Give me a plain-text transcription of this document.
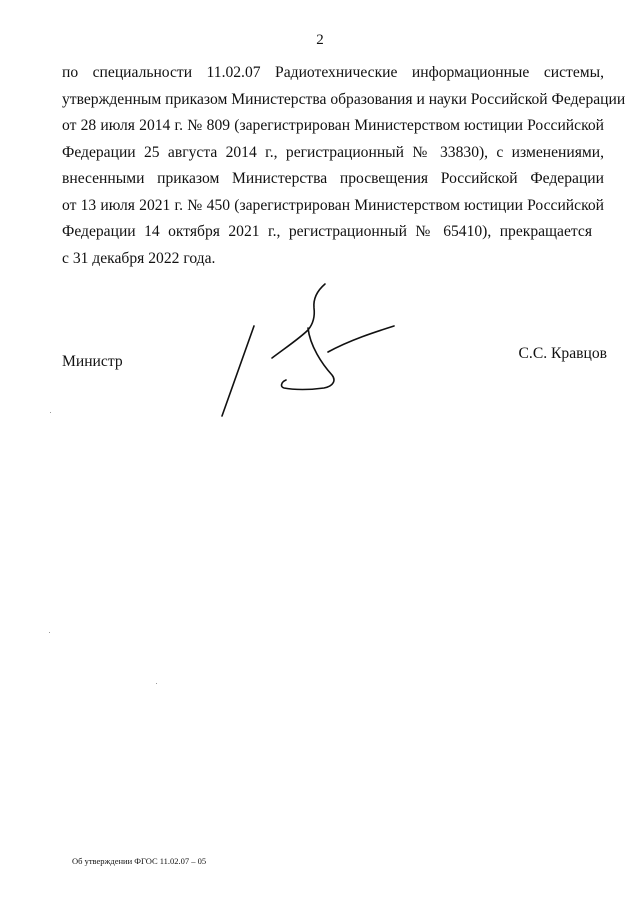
2
по специальности 11.02.07 Радиотехнические информационные системы,
утвержденным приказом Министерства образования и науки Российской Федерации
от 28 июля 2014 г. № 809 (зарегистрирован Министерством юстиции Российской
Федерации 25 августа 2014 г., регистрационный № 33830), с изменениями,
внесенными приказом Министерства просвещения Российской Федерации
от 13 июля 2021 г. № 450 (зарегистрирован Министерством юстиции Российской
Федерации 14 октября 2021 г., регистрационный № 65410), прекращается
с 31 декабря 2022 года.
Министр	С.С. Кравцов
Об утверждении ФГОС 11.02.07 – 05
